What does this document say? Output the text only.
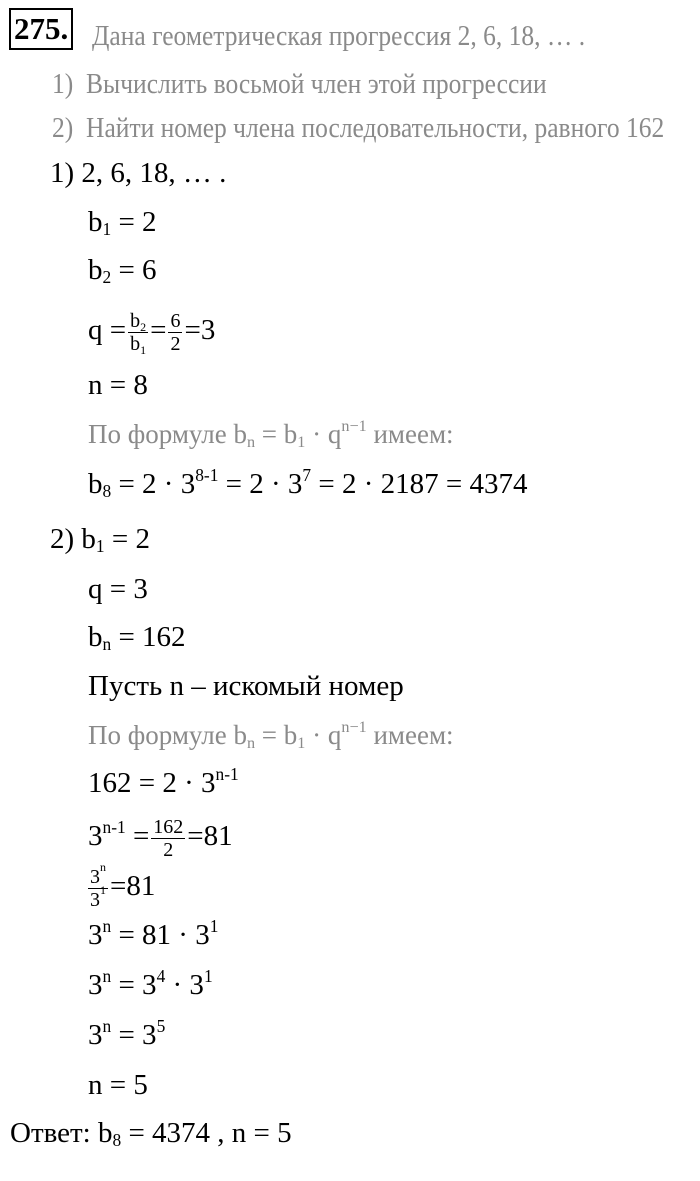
275. Дана геометрическая прогрессия 2, 6, 18, … .
1) Вычислить восьмой член этой прогрессии
2) Найти номер члена последовательности, равного 162
1) 2, 6, 18, … .
$b_1 = 2$
$b_2 = 6$
$q = \frac{b_2}{b_1} = \frac{6}{2} =3$
n = 8
По формуле $b_n = b_1 \cdot q^{n-1}$ имеем:
$b_8 = 2 \cdot 3^{8-1} = 2 \cdot 3^7 = 2 \cdot 2187 = 4374$
2) $b_1 = 2$
q = 3
$b_n = 162$
Пусть n – искомый номер
По формуле $b_n = b_1 \cdot q^{n-1}$ имеем:
$162 = 2 \cdot 3^{n-1}$
$3^{n-1} = \frac{162}{2} =81$
$\frac{3^n}{3^1} =81$
$3^n = 81 \cdot 3^1$
$3^n = 3^4 \cdot 3^1$
$3^n = 3^5$
n = 5
Ответ: $b_8 = 4374$ , n = 5
